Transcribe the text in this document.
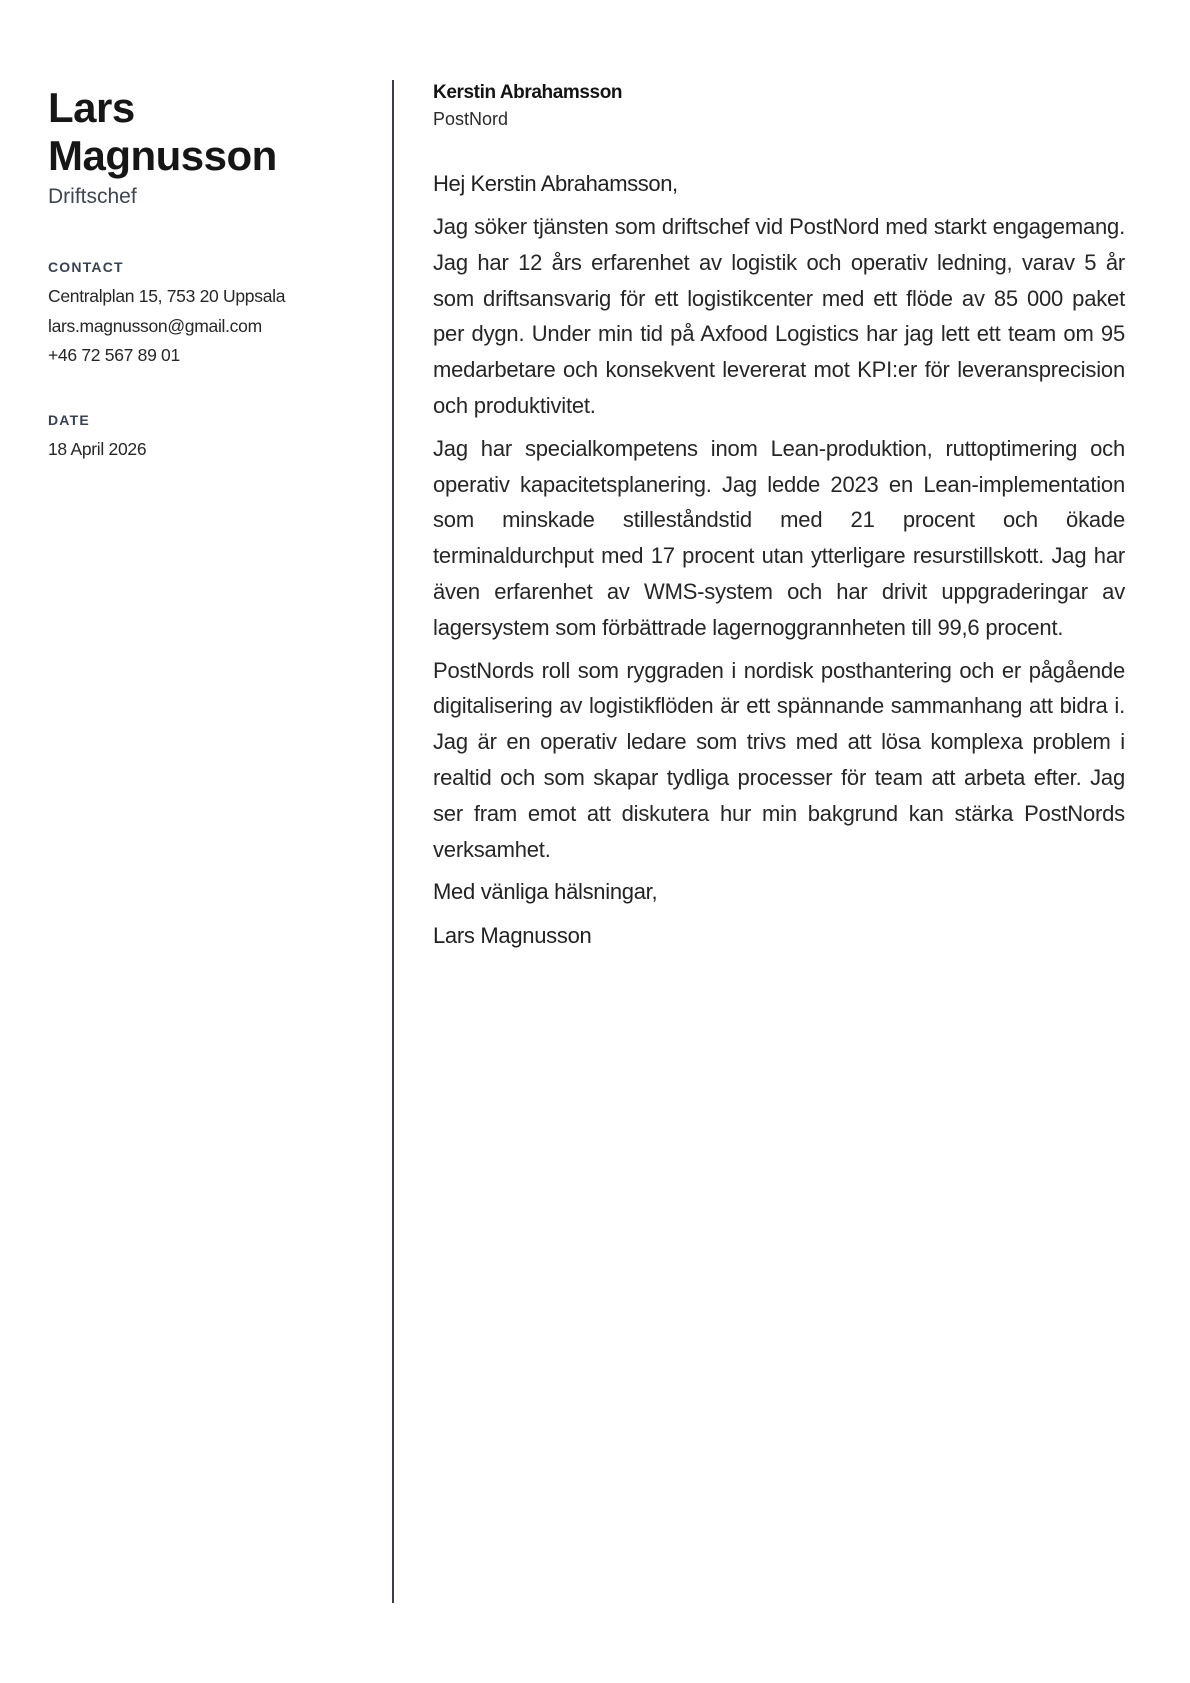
Lars
Magnusson
Driftschef
CONTACT
Centralplan 15, 753 20 Uppsala
lars.magnusson@gmail.com
+46 72 567 89 01
DATE
18 April 2026
Kerstin Abrahamsson
PostNord
Hej Kerstin Abrahamsson,

Jag söker tjänsten som driftschef vid PostNord med starkt engagemang. Jag har 12 års erfarenhet av logistik och operativ ledning, varav 5 år som driftsansvarig för ett logistikcenter med ett flöde av 85 000 paket per dygn. Under min tid på Axfood Logistics har jag lett ett team om 95 medarbetare och konsekvent levererat mot KPI:er för leveransprecision och produktivitet.

Jag har specialkompetens inom Lean-produktion, ruttoptimering och operativ kapacitetsplanering. Jag ledde 2023 en Lean-implementation som minskade stilleståndstid med 21 procent och ökade terminaldurchput med 17 procent utan ytterligare resurstillskott. Jag har även erfarenhet av WMS-system och har drivit uppgraderingar av lagersystem som förbättrade lagernoggrannheten till 99,6 procent.

PostNords roll som ryggraden i nordisk posthantering och er pågående digitalisering av logistikflöden är ett spännande sammanhang att bidra i. Jag är en operativ ledare som trivs med att lösa komplexa problem i realtid och som skapar tydliga processer för team att arbeta efter. Jag ser fram emot att diskutera hur min bakgrund kan stärka PostNords verksamhet.

Med vänliga hälsningar,
Lars Magnusson
